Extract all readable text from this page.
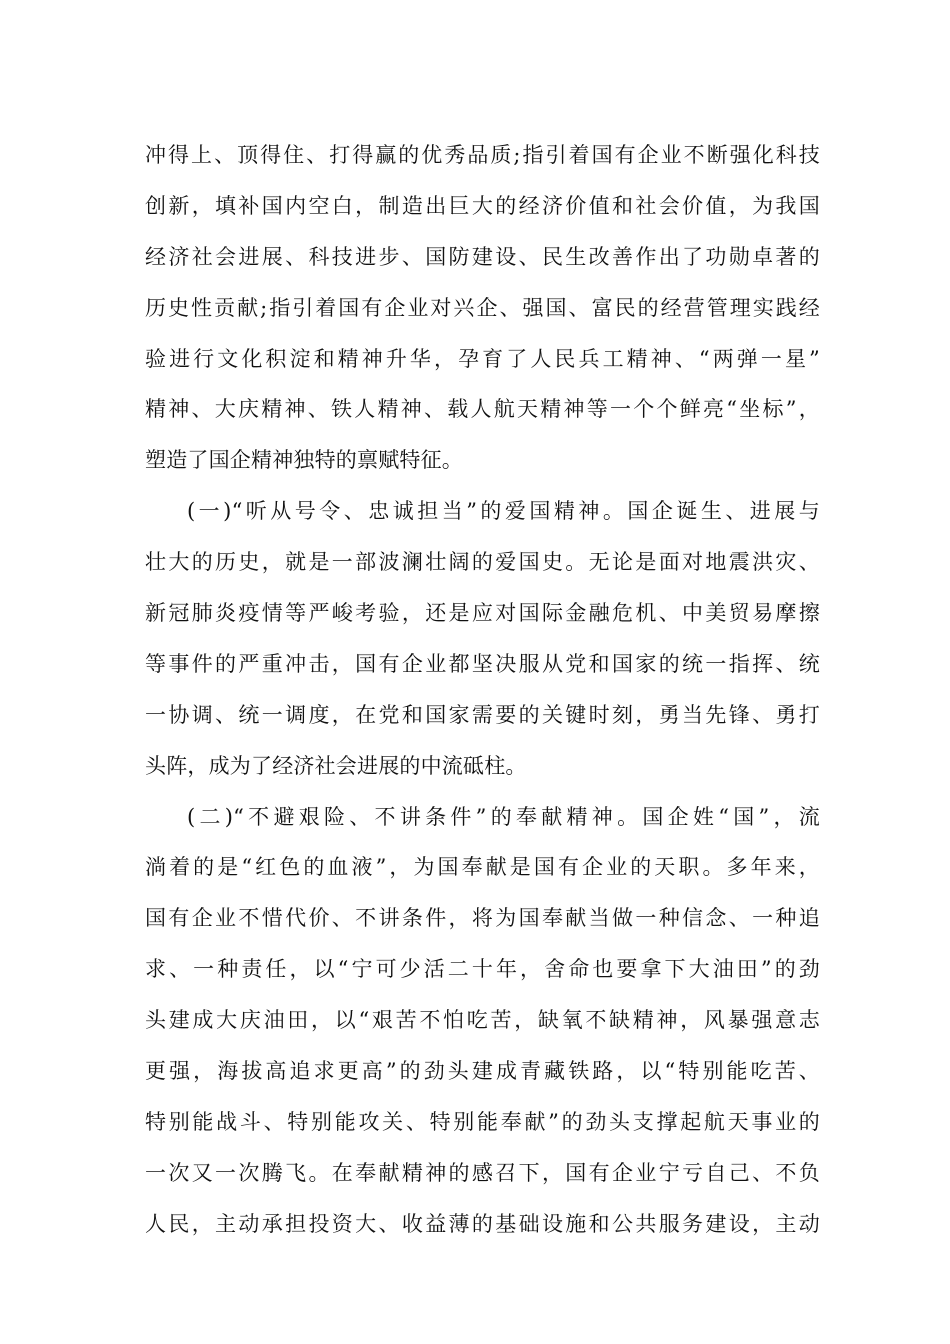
冲得上、顶得住、打得赢的优秀品质;指引着国有企业不断强化科技
创新，填补国内空白，制造出巨大的经济价值和社会价值，为我国
经济社会进展、科技进步、国防建设、民生改善作出了功勋卓著的
历史性贡献;指引着国有企业对兴企、强国、富民的经营管理实践经
验进行文化积淀和精神升华，孕育了人民兵工精神、“两弹一星”
精神、大庆精神、铁人精神、载人航天精神等一个个鲜亮“坐标”，
塑造了国企精神独特的禀赋特征。
(一)“听从号令、忠诚担当”的爱国精神。国企诞生、进展与
壮大的历史，就是一部波澜壮阔的爱国史。无论是面对地震洪灾、
新冠肺炎疫情等严峻考验，还是应对国际金融危机、中美贸易摩擦
等事件的严重冲击，国有企业都坚决服从党和国家的统一指挥、统
一协调、统一调度，在党和国家需要的关键时刻，勇当先锋、勇打
头阵，成为了经济社会进展的中流砥柱。
(二)“不避艰险、不讲条件”的奉献精神。国企姓“国”，流
淌着的是“红色的血液”，为国奉献是国有企业的天职。多年来，
国有企业不惜代价、不讲条件，将为国奉献当做一种信念、一种追
求、一种责任，以“宁可少活二十年，舍命也要拿下大油田”的劲
头建成大庆油田，以“艰苦不怕吃苦，缺氧不缺精神，风暴强意志
更强，海拔高追求更高”的劲头建成青藏铁路，以“特别能吃苦、
特别能战斗、特别能攻关、特别能奉献”的劲头支撑起航天事业的
一次又一次腾飞。在奉献精神的感召下，国有企业宁亏自己、不负
人民，主动承担投资大、收益薄的基础设施和公共服务建设，主动
